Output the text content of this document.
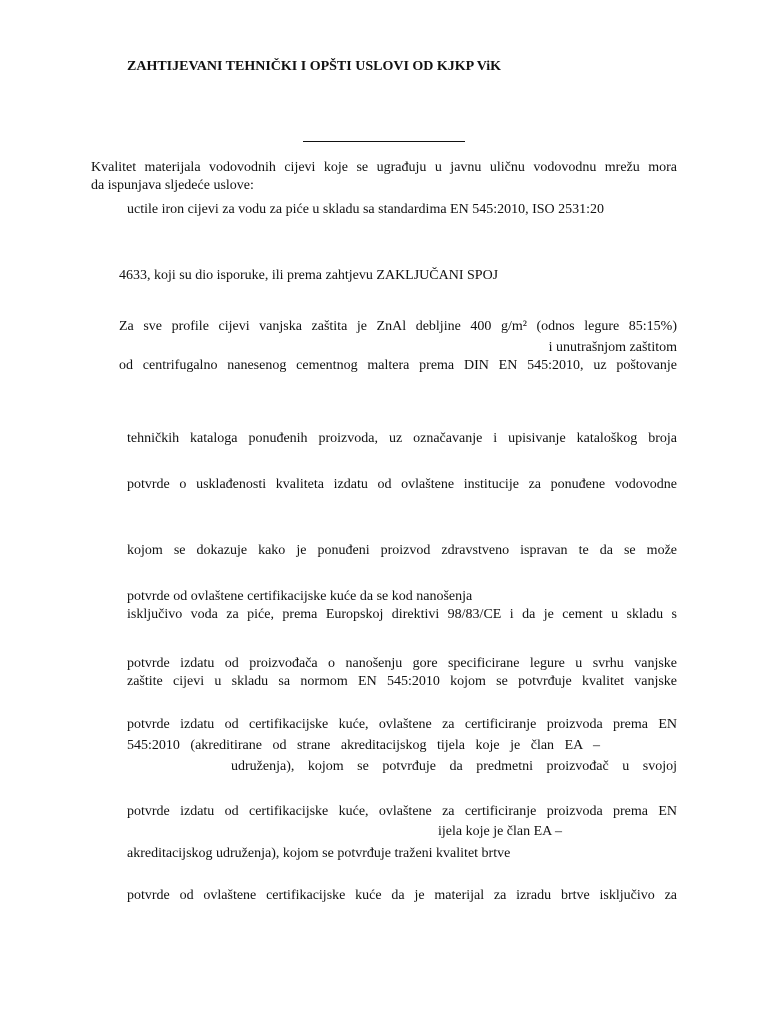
ZAHTIJEVANI TEHNIČKI I OPŠTI USLOVI OD KJKP ViK

Kvalitet materijala vodovodnih cijevi koje se ugrađuju u javnu uličnu vodovodnu mrežu mora

da ispunjava sljedeće uslove:

uctile iron cijevi za vodu za piće u skladu sa standardima EN 545:2010, ISO 2531:20

4633, koji su dio isporuke, ili prema zahtjevu ZAKLJUČANI SPOJ

Za sve profile cijevi vanjska zaštita je ZnAl debljine 400 g/m² (odnos legure 85:15%)

i unutrašnjom zaštitom

od centrifugalno nanesenog cementnog maltera prema DIN EN 545:2010, uz poštovanje

tehničkih kataloga ponuđenih proizvoda, uz označavanje i upisivanje kataloškog broja

potvrde o usklađenosti kvaliteta izdatu od ovlaštene institucije za ponuđene vodovodne

kojom se dokazuje kako je ponuđeni proizvod zdravstveno ispravan te da se može

potvrde od ovlaštene certifikacijske kuće da se kod nanošenja

isključivo voda za piće, prema Europskoj direktivi 98/83/CE i da je cement u skladu s

potvrde izdatu od proizvođača o nanošenju gore specificirane legure u svrhu vanjske

zaštite cijevi u skladu sa normom EN 545:2010 kojom se potvrđuje kvalitet vanjske

potvrde izdatu od certifikacijske kuće, ovlaštene za certificiranje proizvoda prema EN

545:2010 (akreditirane od strane akreditacijskog tijela koje je član EA –

udruženja), kojom se potvrđuje da predmetni proizvođač u svojoj

potvrde izdatu od certifikacijske kuće, ovlaštene za certificiranje proizvoda prema EN

ijela koje je član EA –

akreditacijskog udruženja), kojom se potvrđuje traženi kvalitet brtve

potvrde od ovlaštene certifikacijske kuće da je materijal za izradu brtve isključivo za
